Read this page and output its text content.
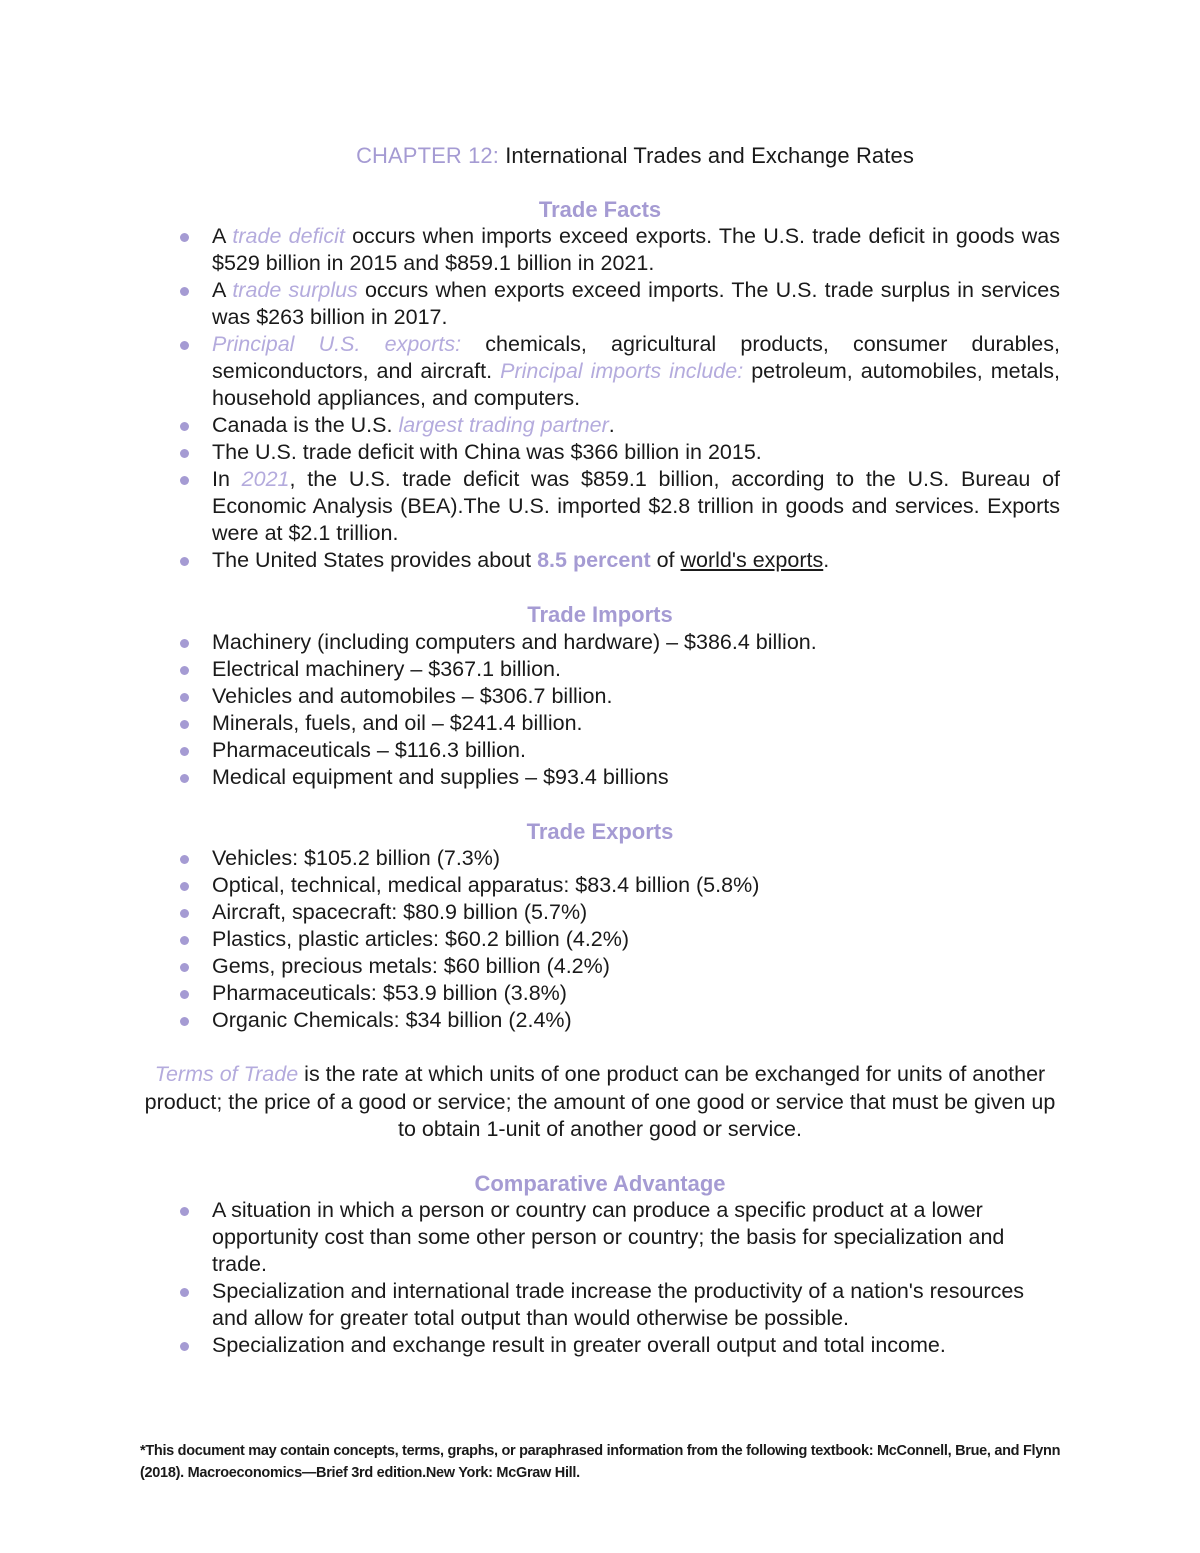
CHAPTER 12: International Trades and Exchange Rates
Trade Facts
A trade deficit occurs when imports exceed exports. The U.S. trade deficit in goods was $529 billion in 2015 and $859.1 billion in 2021.
A trade surplus occurs when exports exceed imports. The U.S. trade surplus in services was $263 billion in 2017.
Principal U.S. exports: chemicals, agricultural products, consumer durables, semiconductors, and aircraft. Principal imports include: petroleum, automobiles, metals, household appliances, and computers.
Canada is the U.S. largest trading partner.
The U.S. trade deficit with China was $366 billion in 2015.
In 2021, the U.S. trade deficit was $859.1 billion, according to the U.S. Bureau of Economic Analysis (BEA).The U.S. imported $2.8 trillion in goods and services. Exports were at $2.1 trillion.
The United States provides about 8.5 percent of world's exports.
Trade Imports
Machinery (including computers and hardware) – $386.4 billion.
Electrical machinery – $367.1 billion.
Vehicles and automobiles – $306.7 billion.
Minerals, fuels, and oil – $241.4 billion.
Pharmaceuticals – $116.3 billion.
Medical equipment and supplies – $93.4 billions
Trade Exports
Vehicles: $105.2 billion (7.3%)
Optical, technical, medical apparatus: $83.4 billion (5.8%)
Aircraft, spacecraft: $80.9 billion (5.7%)
Plastics, plastic articles: $60.2 billion (4.2%)
Gems, precious metals: $60 billion (4.2%)
Pharmaceuticals: $53.9 billion (3.8%)
Organic Chemicals: $34 billion (2.4%)
Terms of Trade is the rate at which units of one product can be exchanged for units of another product; the price of a good or service; the amount of one good or service that must be given up to obtain 1-unit of another good or service.
Comparative Advantage
A situation in which a person or country can produce a specific product at a lower opportunity cost than some other person or country; the basis for specialization and trade.
Specialization and international trade increase the productivity of a nation's resources and allow for greater total output than would otherwise be possible.
Specialization and exchange result in greater overall output and total income.
*This document may contain concepts, terms, graphs, or paraphrased information from the following textbook: McConnell, Brue, and Flynn (2018). Macroeconomics—Brief 3rd edition.New York: McGraw Hill.
